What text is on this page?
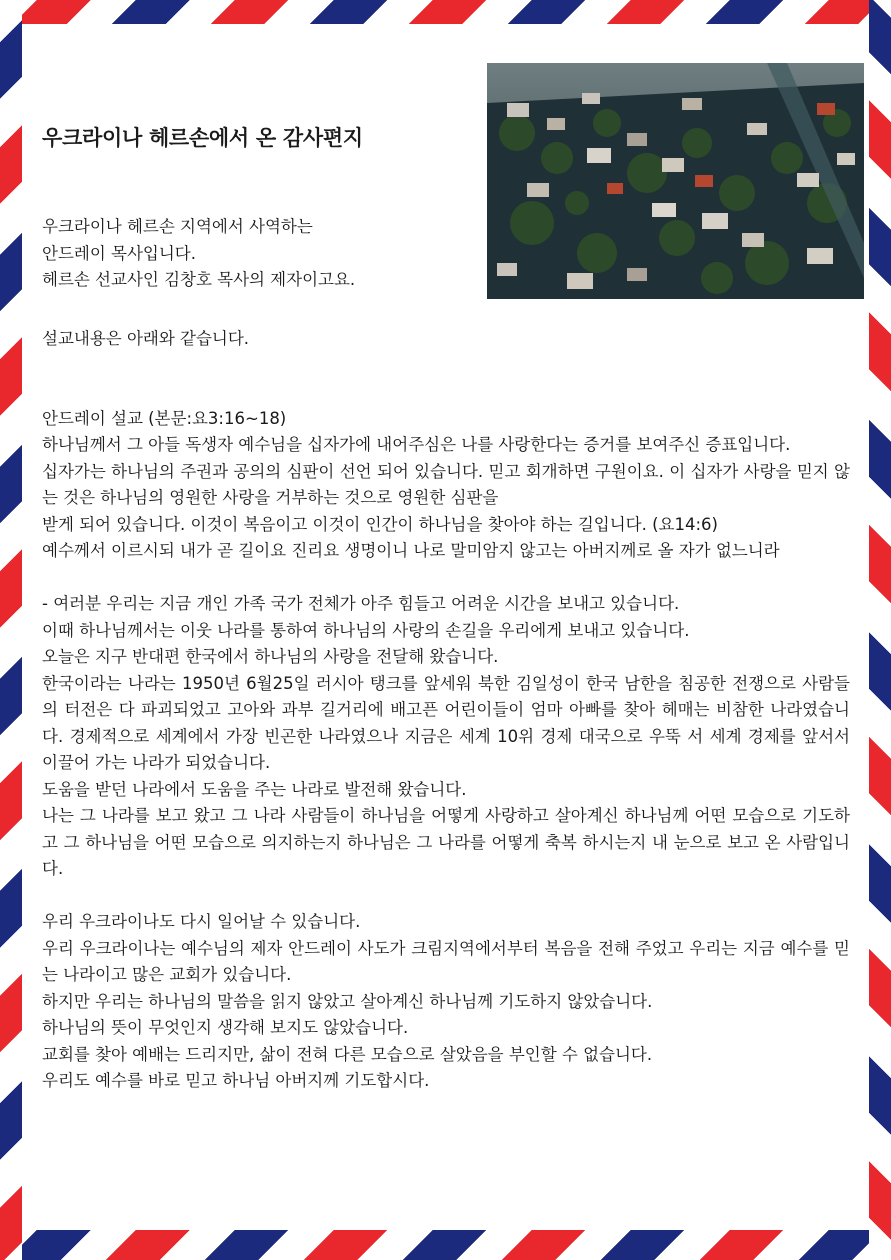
우크라이나 헤르손에서 온 감사편지
우크라이나 헤르손 지역에서 사역하는
안드레이 목사입니다.
헤르손 선교사인 김창호 목사의 제자이고요.

설교내용은 아래와 같습니다.

안드레이 설교 (본문:요3:16~18)

하나님께서 그 아들 독생자 예수님을 십자가에 내어주심은 나를 사랑한다는 증거를 보여주신 증표입니다.

십자가는 하나님의 주권과 공의의 심판이 선언 되어 있습니다. 믿고 회개하면 구원이요. 이 십자가 사랑을 믿지 않는 것은 하나님의 영원한 사랑을 거부하는 것으로 영원한 심판을

받게 되어 있습니다. 이것이 복음이고 이것이 인간이 하나님을 찾아야 하는 길입니다. (요14:6)

예수께서 이르시되 내가 곧 길이요 진리요 생명이니 나로 말미암지 않고는 아버지께로 올 자가 없느니라

- 여러분 우리는 지금 개인 가족 국가 전체가 아주 힘들고 어려운 시간을 보내고 있습니다.

이때 하나님께서는 이웃 나라를 통하여 하나님의 사랑의 손길을 우리에게 보내고 있습니다.

오늘은 지구 반대편 한국에서 하나님의 사랑을 전달해 왔습니다.

한국이라는 나라는 1950년 6월25일 러시아 탱크를 앞세워 북한 김일성이 한국 남한을 침공한 전쟁으로 사람들의 터전은 다 파괴되었고 고아와 과부 길거리에 배고픈 어린이들이 엄마 아빠를 찾아 헤매는 비참한 나라였습니다. 경제적으로 세계에서 가장 빈곤한 나라였으나 지금은 세계 10위 경제 대국으로 우뚝 서 세계 경제를 앞서서 이끌어 가는 나라가 되었습니다.

도움을 받던 나라에서 도움을 주는 나라로 발전해 왔습니다.

나는 그 나라를 보고 왔고 그 나라 사람들이 하나님을 어떻게 사랑하고 살아계신 하나님께 어떤 모습으로 기도하고 그 하나님을 어떤 모습으로 의지하는지 하나님은 그 나라를 어떻게 축복 하시는지 내 눈으로 보고 온 사람입니다.

우리 우크라이나도 다시 일어날 수 있습니다.

우리 우크라이나는 예수님의 제자 안드레이 사도가 크림지역에서부터 복음을 전해 주었고 우리는 지금 예수를 믿는 나라이고 많은 교회가 있습니다.

하지만 우리는 하나님의 말씀을 읽지 않았고 살아계신 하나님께 기도하지 않았습니다.

하나님의 뜻이 무엇인지 생각해 보지도 않았습니다.

교회를 찾아 예배는 드리지만, 삶이 전혀 다른 모습으로 살았음을 부인할 수 없습니다.

우리도 예수를 바로 믿고 하나님 아버지께 기도합시다.
